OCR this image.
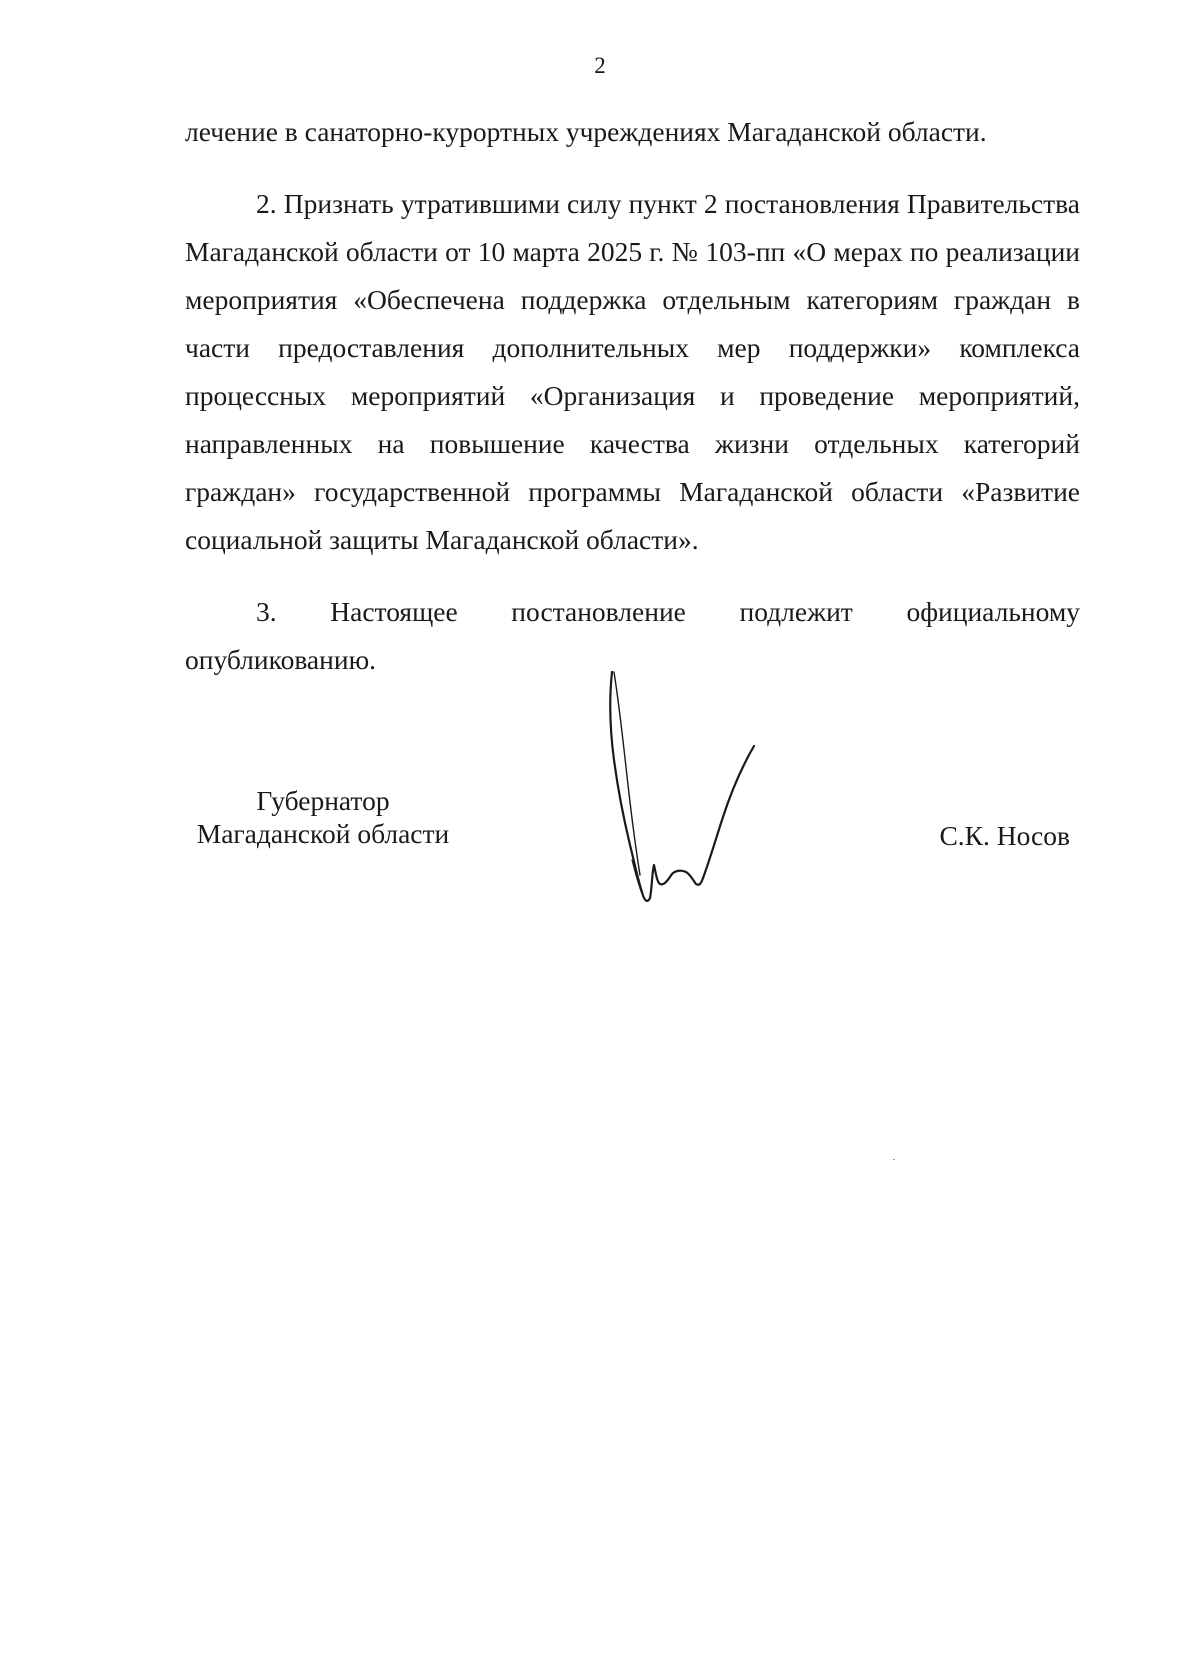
2

лечение в санаторно-курортных учреждениях Магаданской области.

2. Признать утратившими силу пункт 2 постановления Правительства Магаданской области от 10 марта 2025 г. № 103-пп «О мерах по реализации мероприятия «Обеспечена поддержка отдельным категориям граждан в части предоставления дополнительных мер поддержки» комплекса процессных мероприятий «Организация и проведение мероприятий, направленных на повышение качества жизни отдельных категорий граждан» государственной программы Магаданской области «Развитие социальной защиты Магаданской области».

3. Настоящее постановление подлежит официальному опубликованию.

Губернатор
Магаданской области	С.К. Носов
